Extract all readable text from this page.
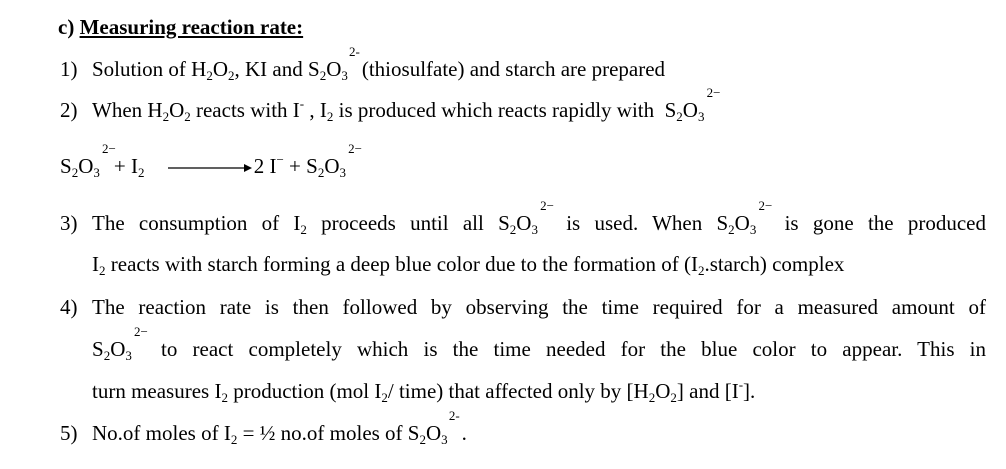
c) Measuring reaction rate:
1) Solution of $H_2O_2$, KI and $S_2O_3$
2-
(thiosulfate) and starch are prepared
2) When $H_2O_2$ reacts with I- , $I_2$ is produced which reacts rapidly with  $S_2O_3$
2−
$S_2O_3$
2−
+ $I_2 \to 2$ $I^- + S_2O_3$
2−
3) The consumption of $I_2$ proceeds until all $S_2O_3$
2−
is used. When $S_2O_3$
2−
is gone the produced
$I_2$ reacts with starch forming a deep blue color due to the formation of $(I_2.starch)$ complex
4) The reaction rate is then followed by observing the time required for a measured amount of
$S_2O_3$
2−
to react completely which is the time needed for the blue color to appear. This in
turn measures $I_2$ production (mol $I_2/$ time) that affected only by $[H_2O_2]$ and [I-].
5) No.of moles of $I_2$ = ½ no.of moles of $S_2O_3$
2-
.
